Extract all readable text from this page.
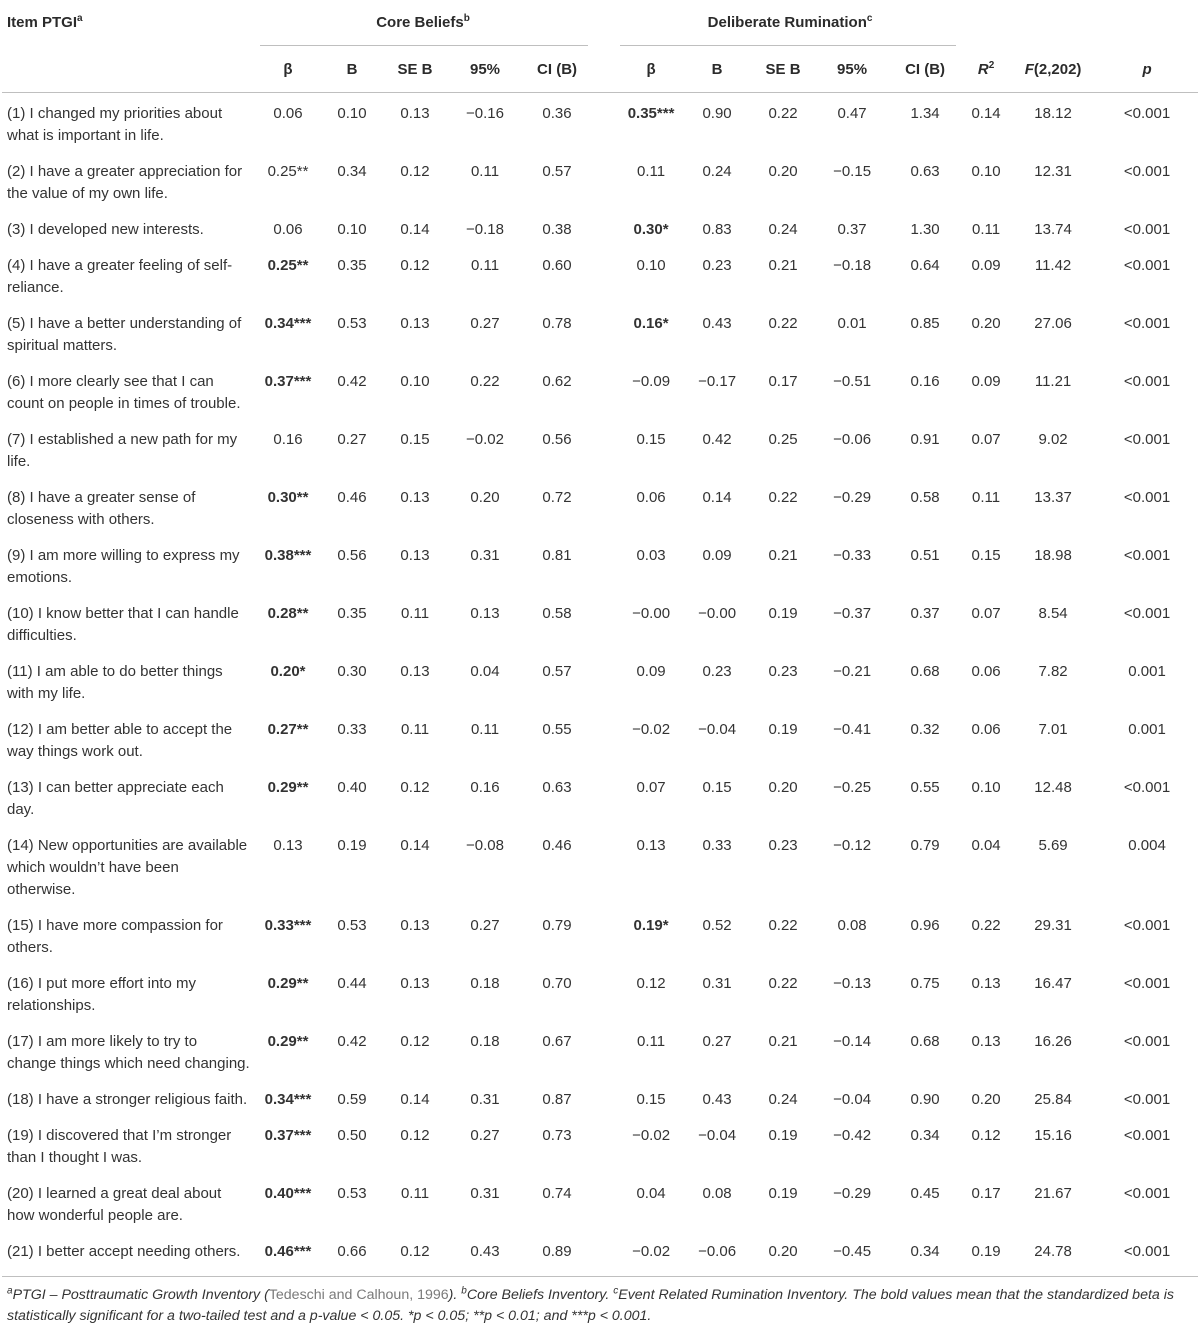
Item PTGI$^a$	Core Beliefs$^b$						Deliberate Rumination$^c$

	β	B	SE B	95%	CI (B)		β	B	SE B	95%	CI (B)	$R^2$	F(2,202)	p
(1) I changed my priorities about what is important in life.	0.06	0.10	0.13	−0.16	0.36		0.35***	0.90	0.22	0.47	1.34	0.14	18.12	<0.001
(2) I have a greater appreciation for the value of my own life.	0.25**	0.34	0.12	0.11	0.57		0.11	0.24	0.20	−0.15	0.63	0.10	12.31	<0.001
(3) I developed new interests.	0.06	0.10	0.14	−0.18	0.38		0.30*	0.83	0.24	0.37	1.30	0.11	13.74	<0.001
(4) I have a greater feeling of self-reliance.	0.25**	0.35	0.12	0.11	0.60		0.10	0.23	0.21	−0.18	0.64	0.09	11.42	<0.001
(5) I have a better understanding of spiritual matters.	0.34***	0.53	0.13	0.27	0.78		0.16*	0.43	0.22	0.01	0.85	0.20	27.06	<0.001
(6) I more clearly see that I can count on people in times of trouble.	0.37***	0.42	0.10	0.22	0.62		−0.09	−0.17	0.17	−0.51	0.16	0.09	11.21	<0.001
(7) I established a new path for my life.	0.16	0.27	0.15	−0.02	0.56		0.15	0.42	0.25	−0.06	0.91	0.07	9.02	<0.001
(8) I have a greater sense of closeness with others.	0.30**	0.46	0.13	0.20	0.72		0.06	0.14	0.22	−0.29	0.58	0.11	13.37	<0.001
(9) I am more willing to express my emotions.	0.38***	0.56	0.13	0.31	0.81		0.03	0.09	0.21	−0.33	0.51	0.15	18.98	<0.001
(10) I know better that I can handle difficulties.	0.28**	0.35	0.11	0.13	0.58		−0.00	−0.00	0.19	−0.37	0.37	0.07	8.54	<0.001
(11) I am able to do better things with my life.	0.20*	0.30	0.13	0.04	0.57		0.09	0.23	0.23	−0.21	0.68	0.06	7.82	0.001
(12) I am better able to accept the way things work out.	0.27**	0.33	0.11	0.11	0.55		−0.02	−0.04	0.19	−0.41	0.32	0.06	7.01	0.001
(13) I can better appreciate each day.	0.29**	0.40	0.12	0.16	0.63		0.07	0.15	0.20	−0.25	0.55	0.10	12.48	<0.001
(14) New opportunities are available which wouldn’t have been otherwise.	0.13	0.19	0.14	−0.08	0.46		0.13	0.33	0.23	−0.12	0.79	0.04	5.69	0.004
(15) I have more compassion for others.	0.33***	0.53	0.13	0.27	0.79		0.19*	0.52	0.22	0.08	0.96	0.22	29.31	<0.001
(16) I put more effort into my relationships.	0.29**	0.44	0.13	0.18	0.70		0.12	0.31	0.22	−0.13	0.75	0.13	16.47	<0.001
(17) I am more likely to try to change things which need changing.	0.29**	0.42	0.12	0.18	0.67		0.11	0.27	0.21	−0.14	0.68	0.13	16.26	<0.001
(18) I have a stronger religious faith.	0.34***	0.59	0.14	0.31	0.87		0.15	0.43	0.24	−0.04	0.90	0.20	25.84	<0.001
(19) I discovered that I’m stronger than I thought I was.	0.37***	0.50	0.12	0.27	0.73		−0.02	−0.04	0.19	−0.42	0.34	0.12	15.16	<0.001
(20) I learned a great deal about how wonderful people are.	0.40***	0.53	0.11	0.31	0.74		0.04	0.08	0.19	−0.29	0.45	0.17	21.67	<0.001
(21) I better accept needing others.	0.46***	0.66	0.12	0.43	0.89		−0.02	−0.06	0.20	−0.45	0.34	0.19	24.78	<0.001
$^a$PTGI – Posttraumatic Growth Inventory (Tedeschi and Calhoun, 1996). $^b$Core Beliefs Inventory. $^c$Event Related Rumination Inventory. The bold values mean that the standardized beta is statistically significant for a two-tailed test and a p-value < 0.05. *p < 0.05; **p < 0.01; and ***p < 0.001.
